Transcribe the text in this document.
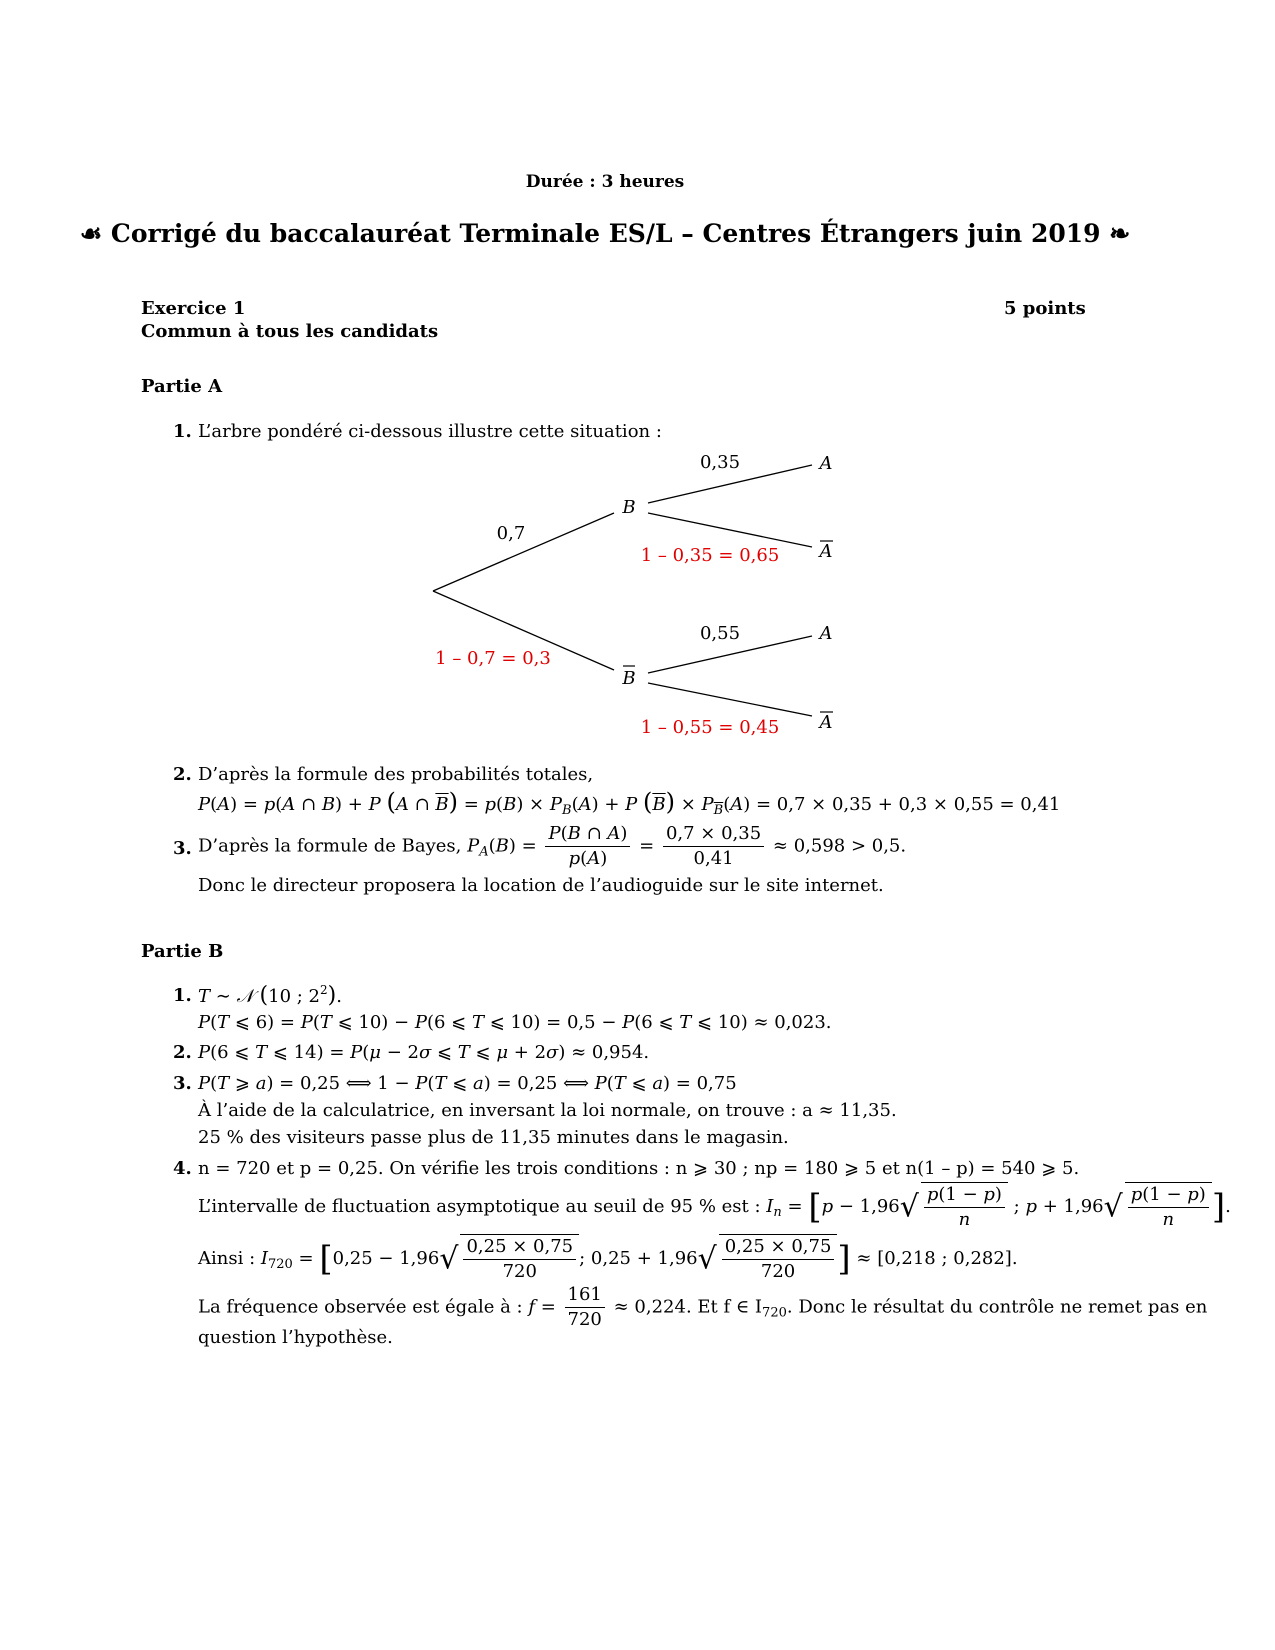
Durée : 3 heures
☙ Corrigé du baccalauréat Terminale ES/L – Centres Étrangers juin 2019 ❧
Exercice 1	5 points
Commun à tous les candidats
Partie A
1. L’arbre pondéré ci-dessous illustre cette situation :
0,7
1 – 0,7 = 0,3
0,35
1 – 0,35 = 0,65
0,55
1 – 0,55 = 0,45
B
B
A
A
A
A
2. D’après la formule des probabilités totales,
P(A) = p(A ∩ B) + P (A ∩ $\overline{B}) = p(B) \times P_B(A) + P$ $(\overline{B}) \times P_{\overline{B}}(A) = 0,7 \times 0,35 + 0,3 \times 0,55 = 0,41$
3. D’après la formule de Bayes, $P_A(B) = \frac{P(B \cap A)}{p(A)} = \frac{0,7 \times 0,35}{0,41} \approx 0,598 > 0,5$.
Donc le directeur proposera la location de l’audioguide sur le site internet.
Partie B
1. T ∼ 𝒩 (10 ; $2^2$).
P(T ⩽ 6) = P(T ⩽ 10) − P(6 ⩽ T ⩽ 10) = 0,5 − P(6 ⩽ T ⩽ 10) ≈ 0,023.
2. P(6 ⩽ T ⩽ 14) = P(μ − 2σ ⩽ T ⩽ μ + 2σ) ≈ 0,954.
3. P(T ⩾ a) = 0,25 ⟺ 1 − P(T ⩽ a) = 0,25 ⟺ P(T ⩽ a) = 0,75
À l’aide de la calculatrice, en inversant la loi normale, on trouve : a ≈ 11,35.
25 % des visiteurs passe plus de 11,35 minutes dans le magasin.
4. n = 720 et p = 0,25. On vérifie les trois conditions : n ⩾ 30 ; np = 180 ⩾ 5 et n(1 – p) = 540 ⩾ 5.
L’intervalle de fluctuation asymptotique au seuil de 95 % est : $I_n = [p - 1,96√ \frac{p(1 - p)}{n}$ ; $p + 1,96√ \frac{p(1 - p)}{n}$ ].
Ainsi : $I_{720} = [0,25 - 1,96√ \frac{0,25 \times 0,75}{720}$ ; $0,25 + 1,96√ \frac{0,25 \times 0,75}{720}$ ] ≈ [0,218 ; 0,282].
La fréquence observée est égale à : $f = \frac{161}{720} \approx 0,224$. Et f ∈ $I_{720}$. Donc le résultat du contrôle ne remet pas en
question l’hypothèse.
